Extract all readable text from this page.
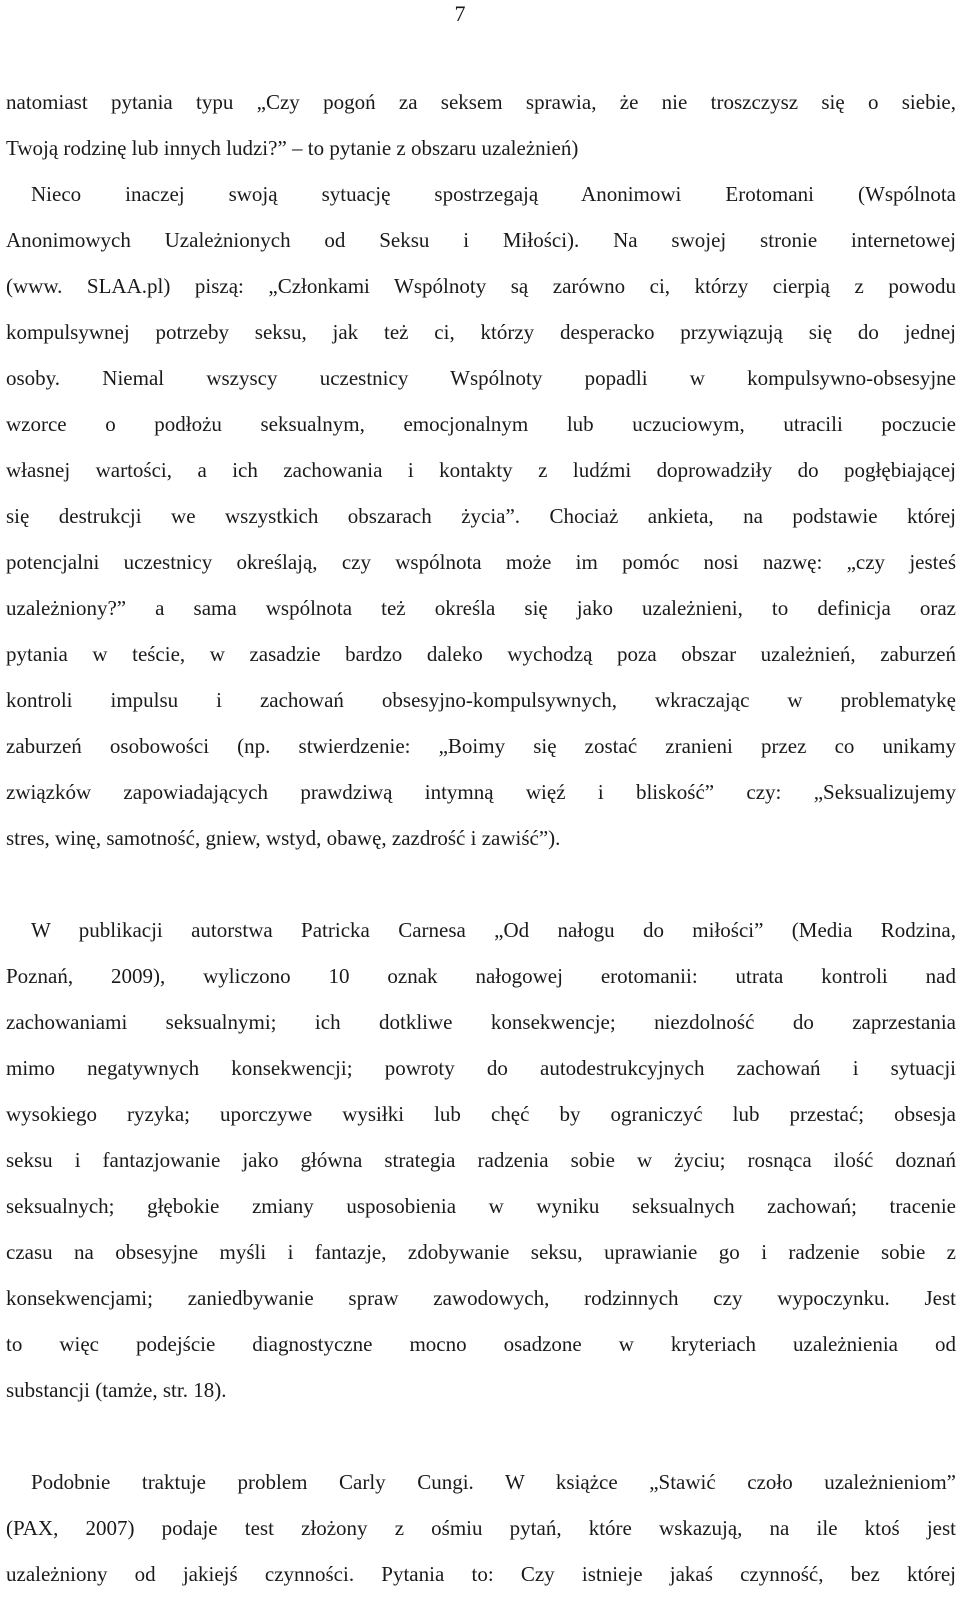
7
natomiast pytania typu „Czy pogoń za seksem sprawia, że nie troszczysz się o siebie,
Twoją rodzinę lub innych ludzi?” – to pytanie z obszaru uzależnień)
Nieco inaczej swoją sytuację spostrzegają Anonimowi Erotomani (Wspólnota
Anonimowych Uzależnionych od Seksu i Miłości). Na swojej stronie internetowej
(www. SLAA.pl) piszą: „Członkami Wspólnoty są zarówno ci, którzy cierpią z powodu
kompulsywnej potrzeby seksu, jak też ci, którzy desperacko przywiązują się do jednej
osoby. Niemal wszyscy uczestnicy Wspólnoty popadli w kompulsywno-obsesyjne
wzorce o podłożu seksualnym, emocjonalnym lub uczuciowym, utracili poczucie
własnej wartości, a ich zachowania i kontakty z ludźmi doprowadziły do pogłębiającej
się destrukcji we wszystkich obszarach życia”. Chociaż ankieta, na podstawie której
potencjalni uczestnicy określają, czy wspólnota może im pomóc nosi nazwę: „czy jesteś
uzależniony?” a sama wspólnota też określa się jako uzależnieni, to definicja oraz
pytania w teście, w zasadzie bardzo daleko wychodzą poza obszar uzależnień, zaburzeń
kontroli impulsu i zachowań obsesyjno-kompulsywnych, wkraczając w problematykę
zaburzeń osobowości (np. stwierdzenie: „Boimy się zostać zranieni przez co unikamy
związków zapowiadających prawdziwą intymną więź i bliskość” czy: „Seksualizujemy
stres, winę, samotność, gniew, wstyd, obawę, zazdrość i zawiść”).
W publikacji autorstwa Patricka Carnesa „Od nałogu do miłości” (Media Rodzina,
Poznań, 2009), wyliczono 10 oznak nałogowej erotomanii: utrata kontroli nad
zachowaniami seksualnymi; ich dotkliwe konsekwencje; niezdolność do zaprzestania
mimo negatywnych konsekwencji; powroty do autodestrukcyjnych zachowań i sytuacji
wysokiego ryzyka; uporczywe wysiłki lub chęć by ograniczyć lub przestać; obsesja
seksu i fantazjowanie jako główna strategia radzenia sobie w życiu; rosnąca ilość doznań
seksualnych; głębokie zmiany usposobienia w wyniku seksualnych zachowań; tracenie
czasu na obsesyjne myśli i fantazje, zdobywanie seksu, uprawianie go i radzenie sobie z
konsekwencjami; zaniedbywanie spraw zawodowych, rodzinnych czy wypoczynku. Jest
to więc podejście diagnostyczne mocno osadzone w kryteriach uzależnienia od
substancji (tamże, str. 18).
Podobnie traktuje problem Carly Cungi. W książce „Stawić czoło uzależnieniom”
(PAX, 2007) podaje test złożony z ośmiu pytań, które wskazują, na ile ktoś jest
uzależniony od jakiejś czynności. Pytania to: Czy istnieje jakaś czynność, bez której
